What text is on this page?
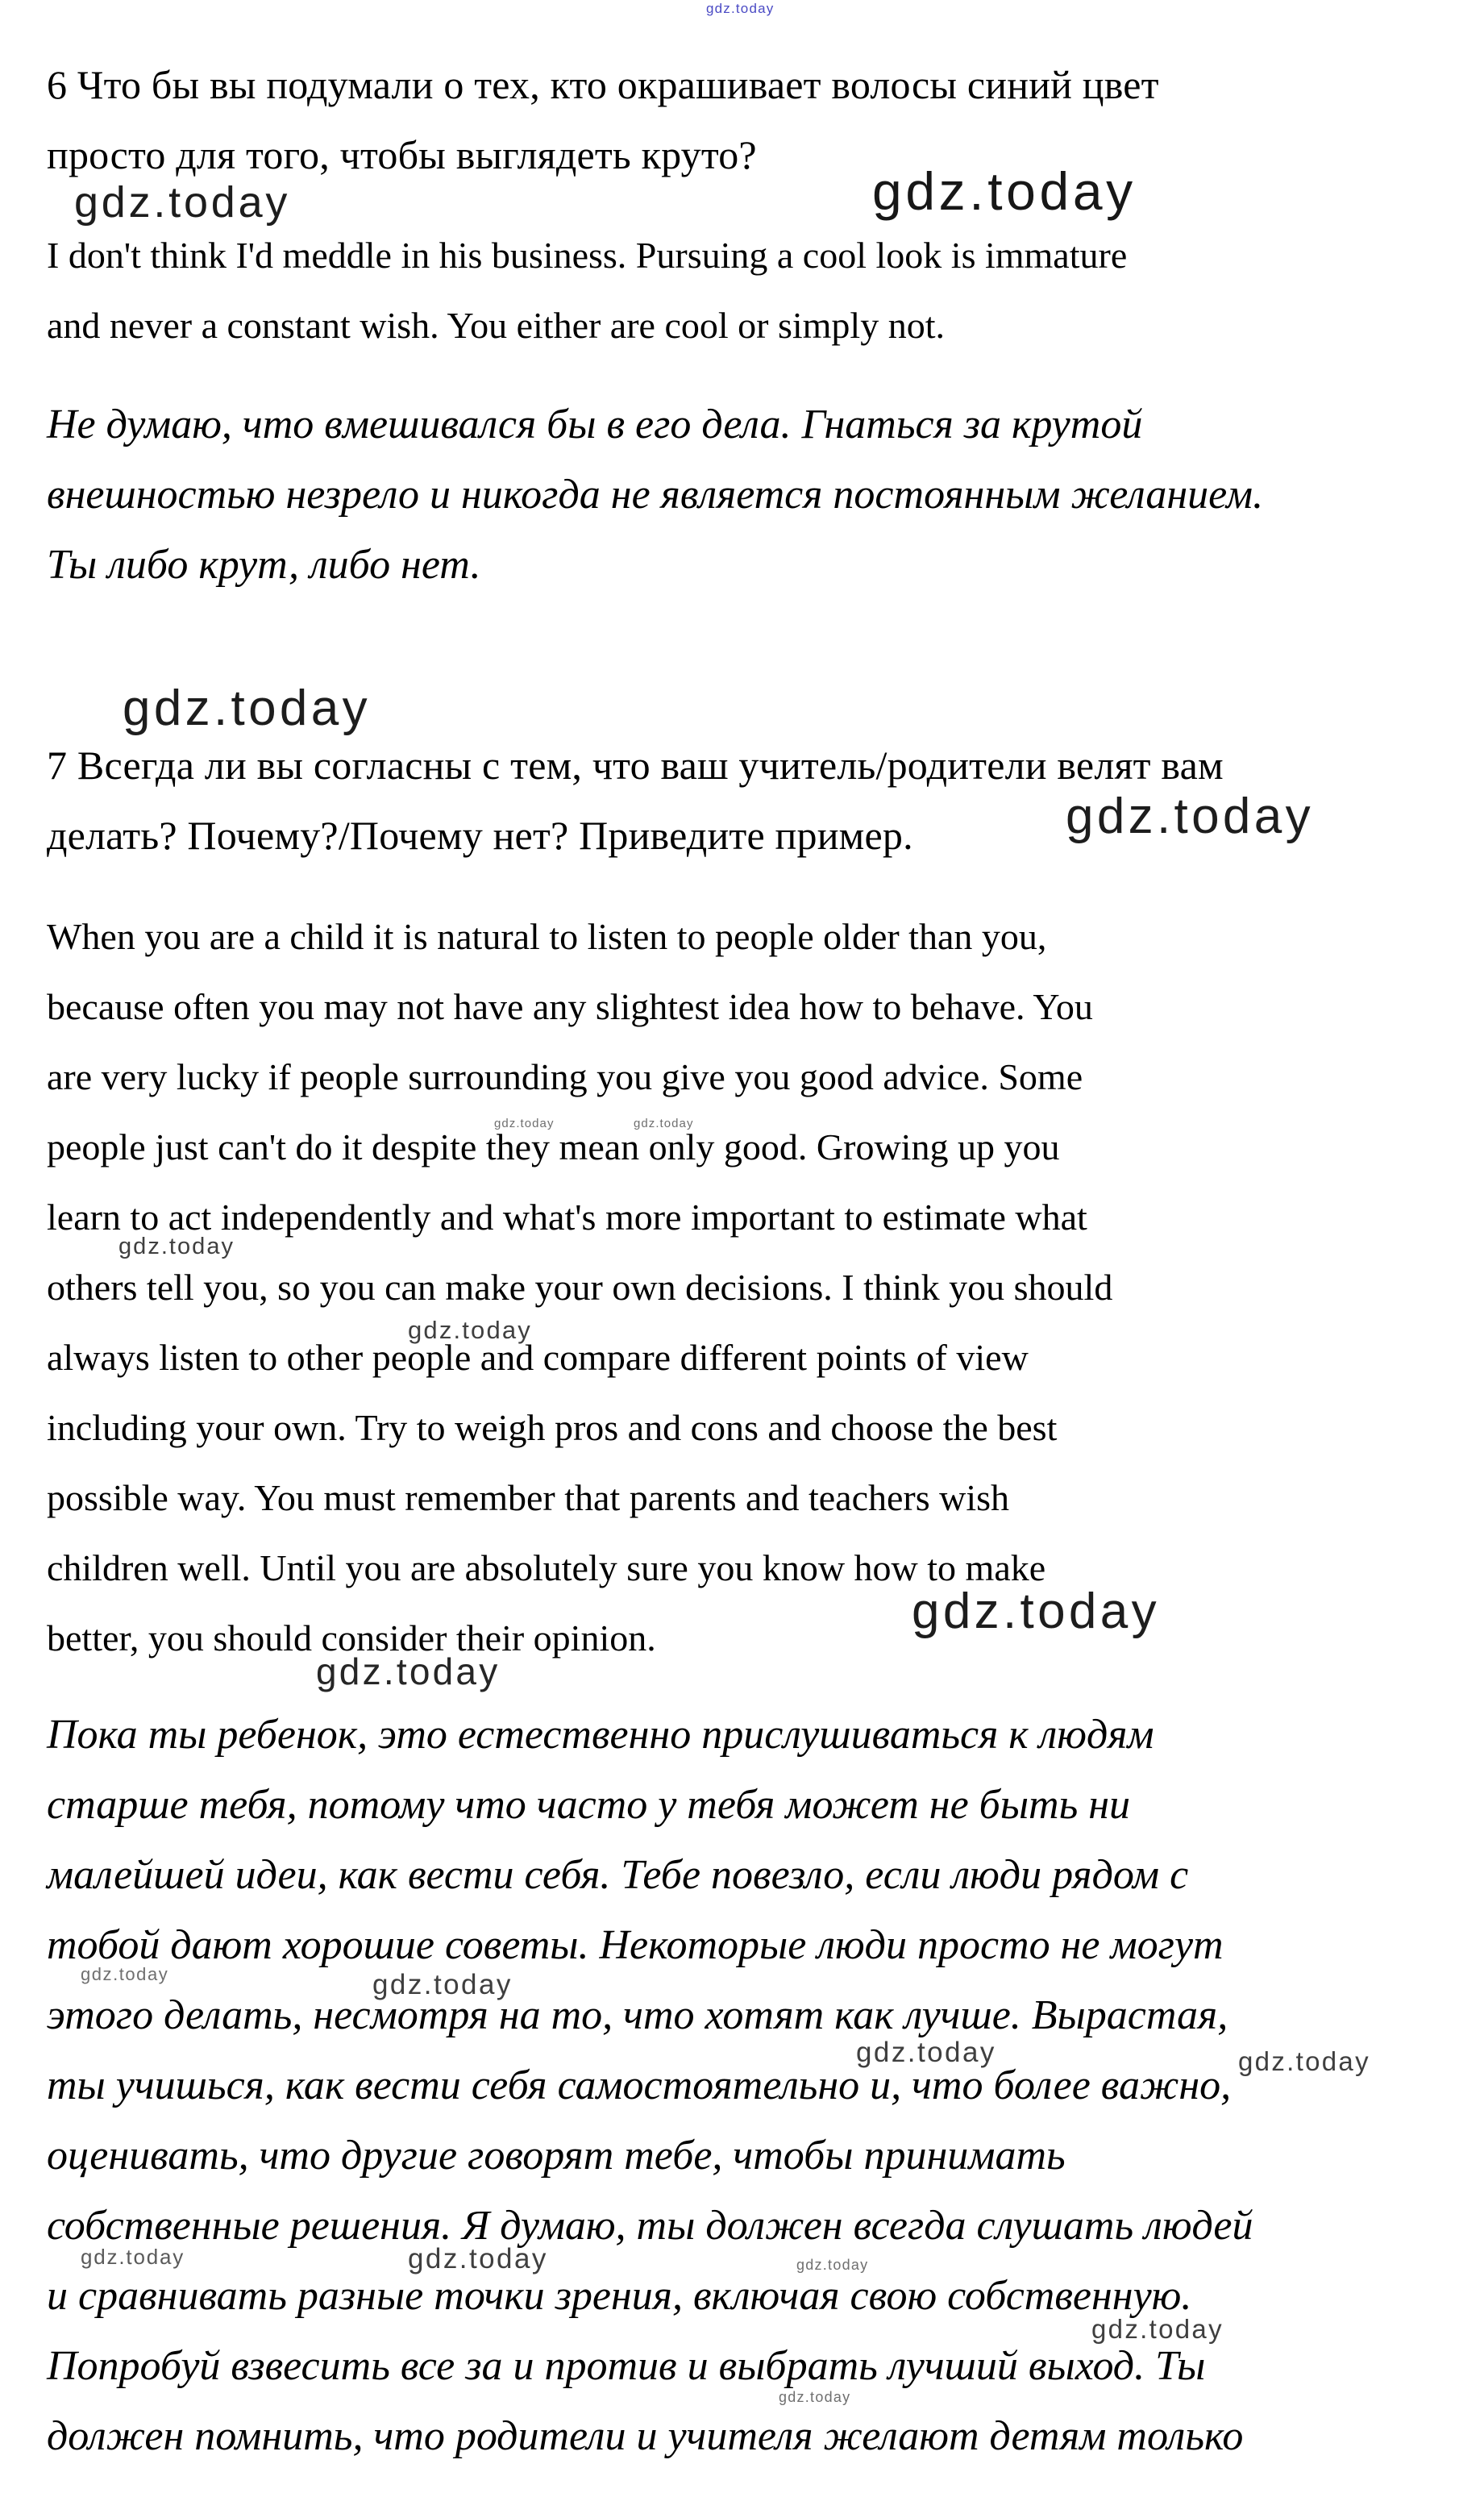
gdz.today
gdz.today	gdz.today
gdz.today
gdz.today
gdz.today	gdz.today
gdz.today
gdz.today
gdz.today
gdz.today
gdz.today	gdz.today
gdz.today	gdz.today
gdz.today	gdz.today	gdz.today
gdz.today
gdz.today
6 Что бы вы подумали о тех, кто окрашивает волосы синий цвет
просто для того, чтобы выглядеть круто?
I don't think I'd meddle in his business. Pursuing a cool look is immature
and never a constant wish. You either are cool or simply not.
Не думаю, что вмешивался бы в его дела. Гнаться за крутой
внешностью незрело и никогда не является постоянным желанием.
Ты либо крут, либо нет.
7 Всегда ли вы согласны с тем, что ваш учитель/родители велят вам
делать? Почему?/Почему нет? Приведите пример.
When you are a child it is natural to listen to people older than you,
because often you may not have any slightest idea how to behave. You
are very lucky if people surrounding you give you good advice. Some
people just can't do it despite they mean only good. Growing up you
learn to act independently and what's more important to estimate what
others tell you, so you can make your own decisions. I think you should
always listen to other people and compare different points of view
including your own. Try to weigh pros and cons and choose the best
possible way. You must remember that parents and teachers wish
children well. Until you are absolutely sure you know how to make
better, you should consider their opinion.
Пока ты ребенок, это естественно прислушиваться к людям
старше тебя, потому что часто у тебя может не быть ни
малейшей идеи, как вести себя. Тебе повезло, если люди рядом с
тобой дают хорошие советы. Некоторые люди просто не могут
этого делать, несмотря на то, что хотят как лучше. Вырастая,
ты учишься, как вести себя самостоятельно и, что более важно,
оценивать, что другие говорят тебе, чтобы принимать
собственные решения. Я думаю, ты должен всегда слушать людей
и сравнивать разные точки зрения, включая свою собственную.
Попробуй взвесить все за и против и выбрать лучший выход. Ты
должен помнить, что родители и учителя желают детям только
